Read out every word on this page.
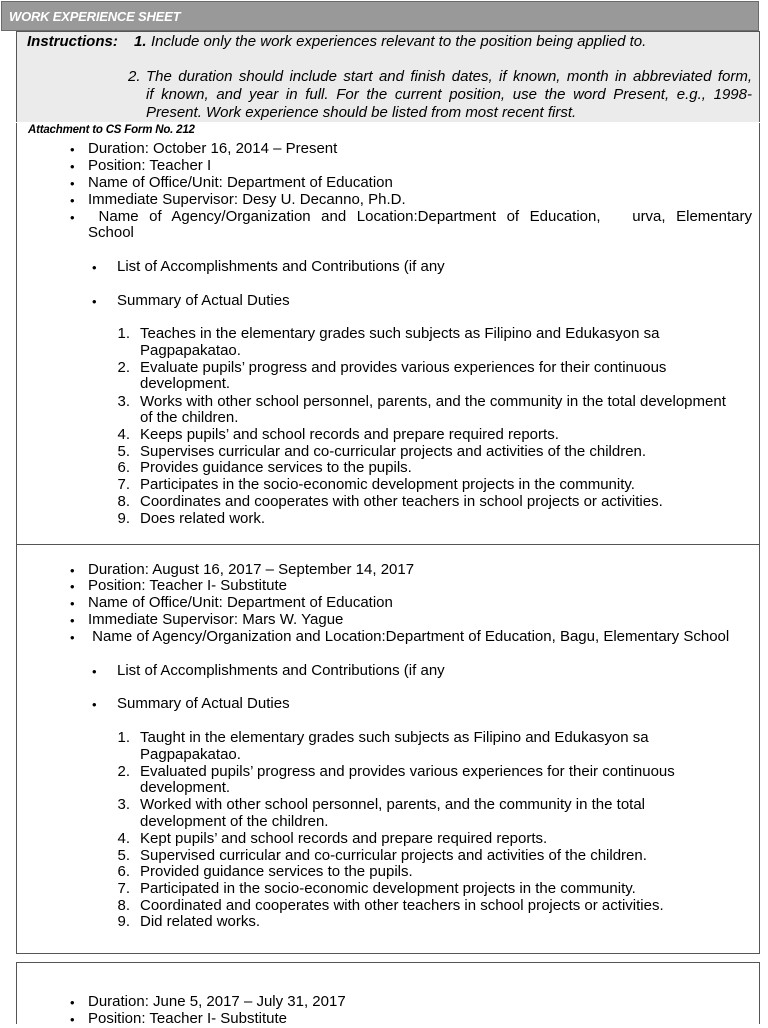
WORK EXPERIENCE SHEET
Instructions: 1. Include only the work experiences relevant to the position being applied to.
2. The duration should include start and finish dates, if known, month in abbreviated form,
if known, and year in full. For the current position, use the word Present, e.g., 1998-
Present. Work experience should be listed from most recent first.
Attachment to CS Form No. 212
• Duration: October 16, 2014 – Present
• Position: Teacher I
• Name of Office/Unit: Department of Education
• Immediate Supervisor: Desy U. Decanno, Ph.D.
• Name of Agency/Organization and Location:Department of Education,   urva, Elementary
School
• List of Accomplishments and Contributions (if any
• Summary of Actual Duties
1. Teaches in the elementary grades such subjects as Filipino and Edukasyon sa
Pagpapakatao.
2. Evaluate pupils’ progress and provides various experiences for their continuous
development.
3. Works with other school personnel, parents, and the community in the total development
of the children.
4. Keeps pupils’ and school records and prepare required reports.
5. Supervises curricular and co-curricular projects and activities of the children.
6. Provides guidance services to the pupils.
7. Participates in the socio-economic development projects in the community.
8. Coordinates and cooperates with other teachers in school projects or activities.
9. Does related work.
• Duration: August 16, 2017 – September 14, 2017
• Position: Teacher I- Substitute
• Name of Office/Unit: Department of Education
• Immediate Supervisor: Mars W. Yague
• Name of Agency/Organization and Location:Department of Education, Bagu, Elementary School
• List of Accomplishments and Contributions (if any
• Summary of Actual Duties
1. Taught in the elementary grades such subjects as Filipino and Edukasyon sa
Pagpapakatao.
2. Evaluated pupils’ progress and provides various experiences for their continuous
development.
3. Worked with other school personnel, parents, and the community in the total
development of the children.
4. Kept pupils’ and school records and prepare required reports.
5. Supervised curricular and co-curricular projects and activities of the children.
6. Provided guidance services to the pupils.
7. Participated in the socio-economic development projects in the community.
8. Coordinated and cooperates with other teachers in school projects or activities.
9. Did related works.
• Duration: June 5, 2017 – July 31, 2017
• Position: Teacher I- Substitute
